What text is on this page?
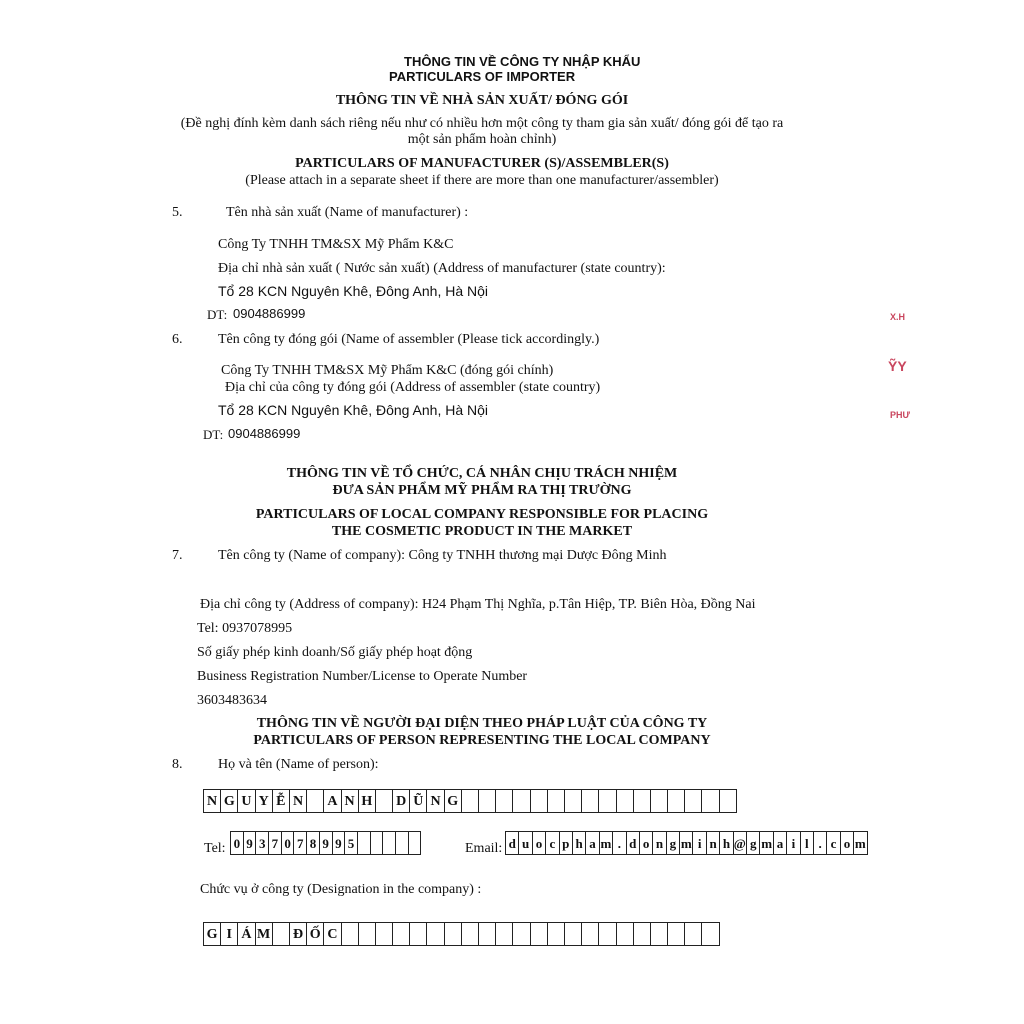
THÔNG TIN VỀ CÔNG TY NHẬP KHẨU
PARTICULARS OF IMPORTER
THÔNG TIN VỀ NHÀ SẢN XUẤT/ ĐÓNG GÓI
(Đề nghị đính kèm danh sách riêng nếu như có nhiều hơn một công ty tham gia sản xuất/ đóng gói để tạo ra
một sản phẩm hoàn chỉnh)
PARTICULARS OF MANUFACTURER (S)/ASSEMBLER(S)
(Please attach in a separate sheet if there are more than one manufacturer/assembler)
5.	Tên nhà sản xuất (Name of manufacturer) :
Công Ty TNHH TM&SX Mỹ Phẩm K&C
Địa chỉ nhà sản xuất ( Nước sản xuất) (Address of manufacturer (state country):
Tổ 28 KCN Nguyên Khê, Đông Anh, Hà Nội
DT: 0904886999
6.	Tên công ty đóng gói (Name of assembler (Please tick accordingly.)
Công Ty TNHH TM&SX Mỹ Phẩm K&C (đóng gói chính)
Địa chỉ của công ty đóng gói (Address of assembler (state country)
Tổ 28 KCN Nguyên Khê, Đông Anh, Hà Nội
DT: 0904886999
X.H
ỸY
PHƯ
THÔNG TIN VỀ TỔ CHỨC, CÁ NHÂN CHỊU TRÁCH NHIỆM
ĐƯA SẢN PHẨM MỸ PHẨM RA THỊ TRƯỜNG
PARTICULARS OF LOCAL COMPANY RESPONSIBLE FOR PLACING
THE COSMETIC PRODUCT IN THE MARKET
7.	Tên công ty (Name of company): Công ty TNHH thương mại Dược Đông Minh
Địa chỉ công ty (Address of company): H24 Phạm Thị Nghĩa, p.Tân Hiệp, TP. Biên Hòa, Đồng Nai
Tel: 0937078995
Số giấy phép kinh doanh/Số giấy phép hoạt động
Business Registration Number/License to Operate Number
3603483634
THÔNG TIN VỀ NGƯỜI ĐẠI DIỆN THEO PHÁP LUẬT CỦA CÔNG TY
PARTICULARS OF PERSON REPRESENTING THE LOCAL COMPANY
8.	Họ và tên (Name of person):
N G U Y Ễ N A N H D Ũ N G
Tel: 0 9 3 7 0 7 8 9 9 5	Email: d u o c p h a m . d o n g m i n h @ g m a i l . c o m
Chức vụ ở công ty (Designation in the company) :
G I Á M Đ Ố C
